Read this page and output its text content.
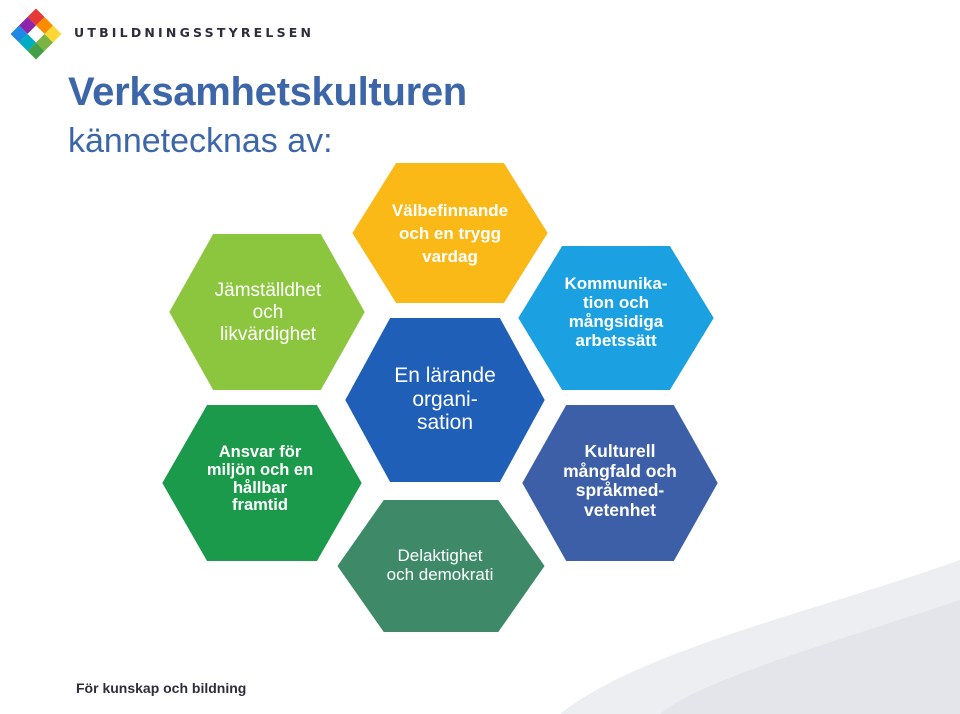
UTBILDNINGSSTYRELSEN
Verksamhetskulturen
kännetecknas av:
Jämställdhet
och
likvärdighet
Välbefinnande
och en trygg
vardag
Kommunika-
tion och
mångsidiga
arbetssätt
Ansvar för
miljön och en
hållbar
framtid
En lärande
organi-
sation
Kulturell
mångfald och
språkmed-
vetenhet
Delaktighet
och demokrati
För kunskap och bildning
